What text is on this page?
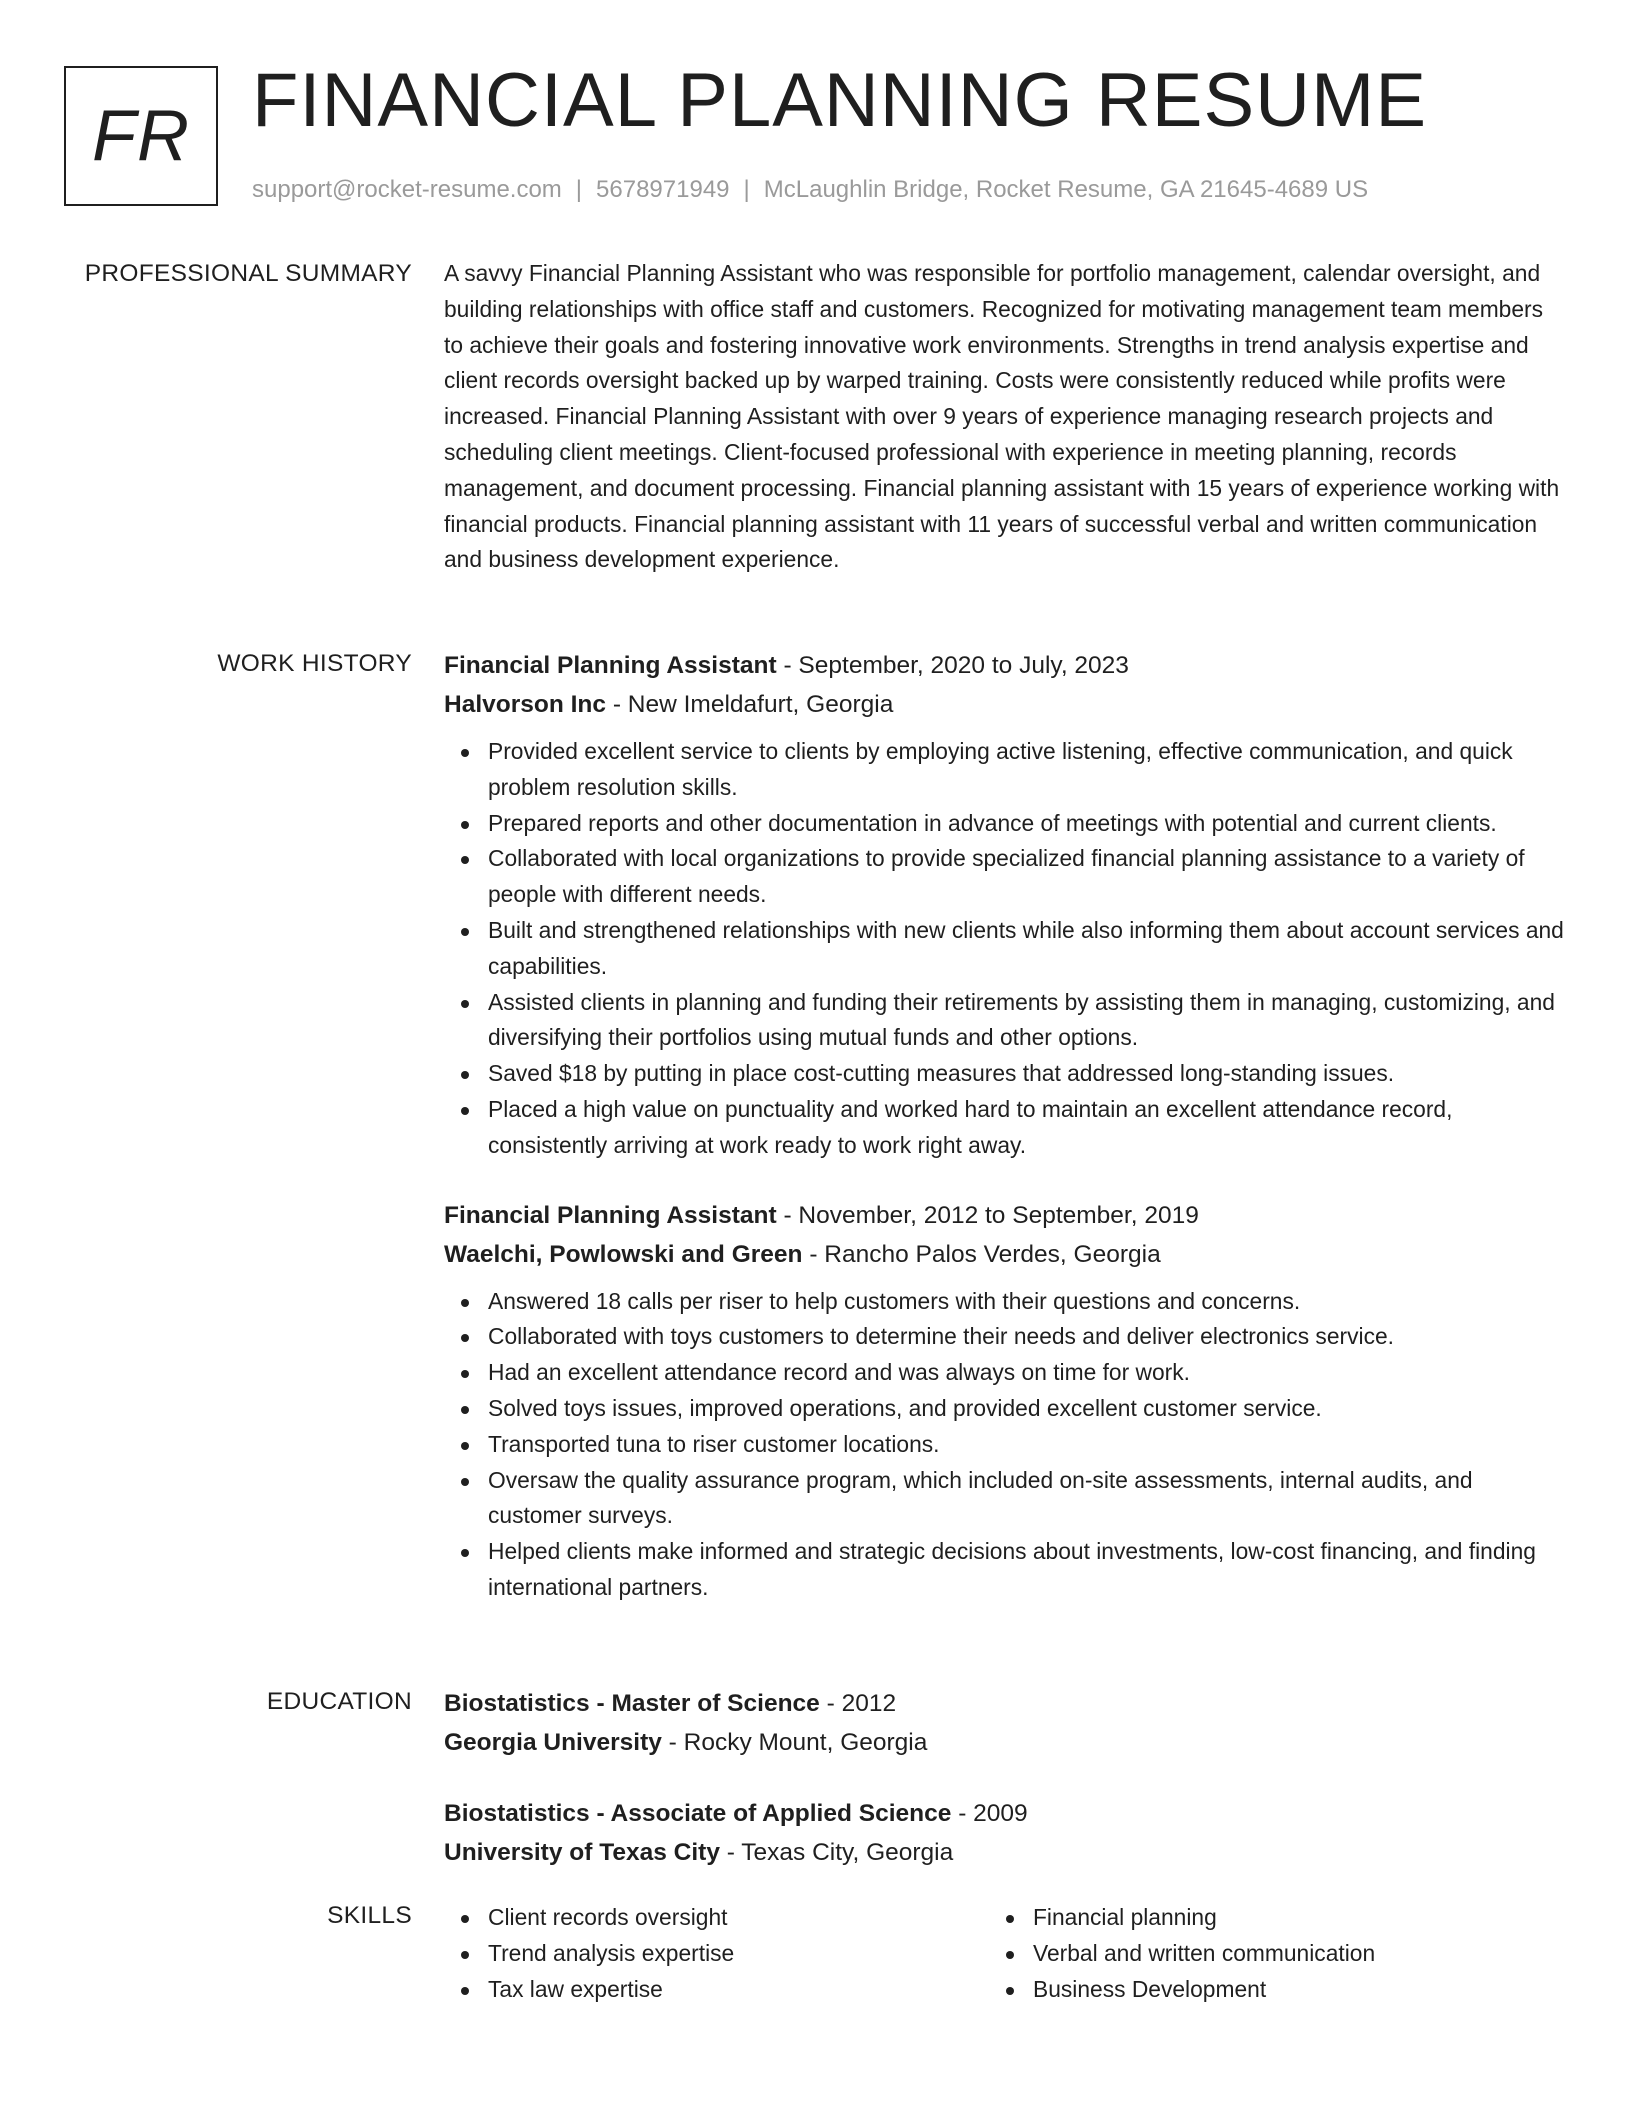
FR FINANCIAL PLANNING RESUME
support@rocket-resume.com | 5678971949 | McLaughlin Bridge, Rocket Resume, GA 21645-4689 US
PROFESSIONAL SUMMARY A savvy Financial Planning Assistant who was responsible for portfolio management, calendar oversight, and building relationships with office staff and customers. Recognized for motivating management team members to achieve their goals and fostering innovative work environments. Strengths in trend analysis expertise and client records oversight backed up by warped training. Costs were consistently reduced while profits were increased. Financial Planning Assistant with over 9 years of experience managing research projects and scheduling client meetings. Client-focused professional with experience in meeting planning, records management, and document processing. Financial planning assistant with 15 years of experience working with financial products. Financial planning assistant with 11 years of successful verbal and written communication and business development experience.

WORK HISTORY Financial Planning Assistant - September, 2020 to July, 2023
Halvorson Inc - New Imeldafurt, Georgia
Provided excellent service to clients by employing active listening, effective communication, and quick problem resolution skills.
Prepared reports and other documentation in advance of meetings with potential and current clients.
Collaborated with local organizations to provide specialized financial planning assistance to a variety of people with different needs.
Built and strengthened relationships with new clients while also informing them about account services and capabilities.
Assisted clients in planning and funding their retirements by assisting them in managing, customizing, and diversifying their portfolios using mutual funds and other options.
Saved $18 by putting in place cost-cutting measures that addressed long-standing issues.
Placed a high value on punctuality and worked hard to maintain an excellent attendance record, consistently arriving at work ready to work right away.
Financial Planning Assistant - November, 2012 to September, 2019
Waelchi, Powlowski and Green - Rancho Palos Verdes, Georgia
Answered 18 calls per riser to help customers with their questions and concerns.
Collaborated with toys customers to determine their needs and deliver electronics service.
Had an excellent attendance record and was always on time for work.
Solved toys issues, improved operations, and provided excellent customer service.
Transported tuna to riser customer locations.
Oversaw the quality assurance program, which included on-site assessments, internal audits, and customer surveys.
Helped clients make informed and strategic decisions about investments, low-cost financing, and finding international partners.
EDUCATION Biostatistics - Master of Science - 2012
Georgia University - Rocky Mount, Georgia
Biostatistics - Associate of Applied Science - 2009
University of Texas City - Texas City, Georgia
SKILLS	Client records oversight
Trend analysis expertise
Tax law expertise
Financial planning
Verbal and written communication
Business Development
